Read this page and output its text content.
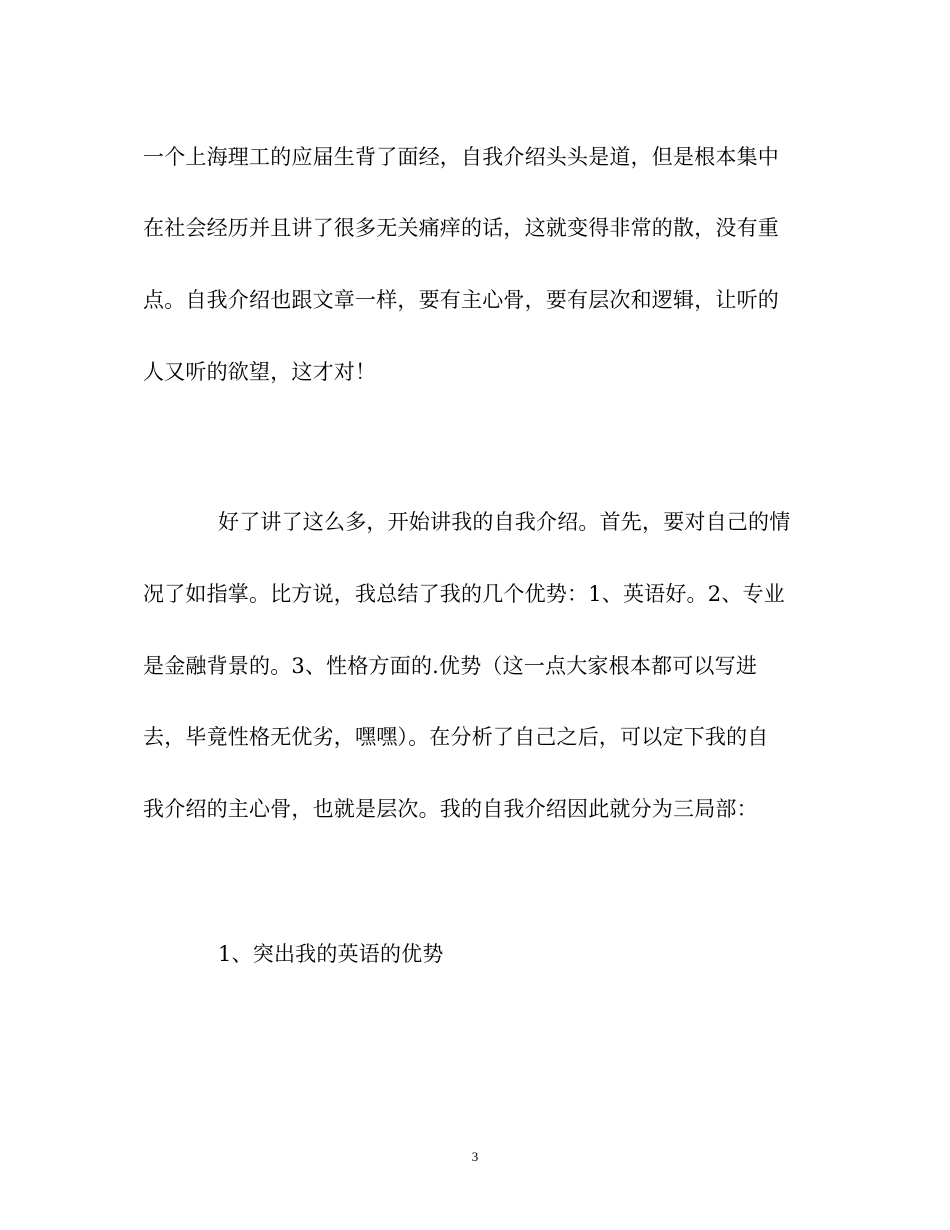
一个上海理工的应届生背了面经，自我介绍头头是道，但是根本集中
在社会经历并且讲了很多无关痛痒的话，这就变得非常的散，没有重
点。自我介绍也跟文章一样，要有主心骨，要有层次和逻辑，让听的
人又听的欲望，这才对！
好了讲了这么多，开始讲我的自我介绍。首先，要对自己的情
况了如指掌。比方说，我总结了我的几个优势：1、英语好。2、专业
是金融背景的。3、性格方面的.优势（这一点大家根本都可以写进
去，毕竟性格无优劣，嘿嘿）。在分析了自己之后，可以定下我的自
我介绍的主心骨，也就是层次。我的自我介绍因此就分为三局部：
1、突出我的英语的优势
3
